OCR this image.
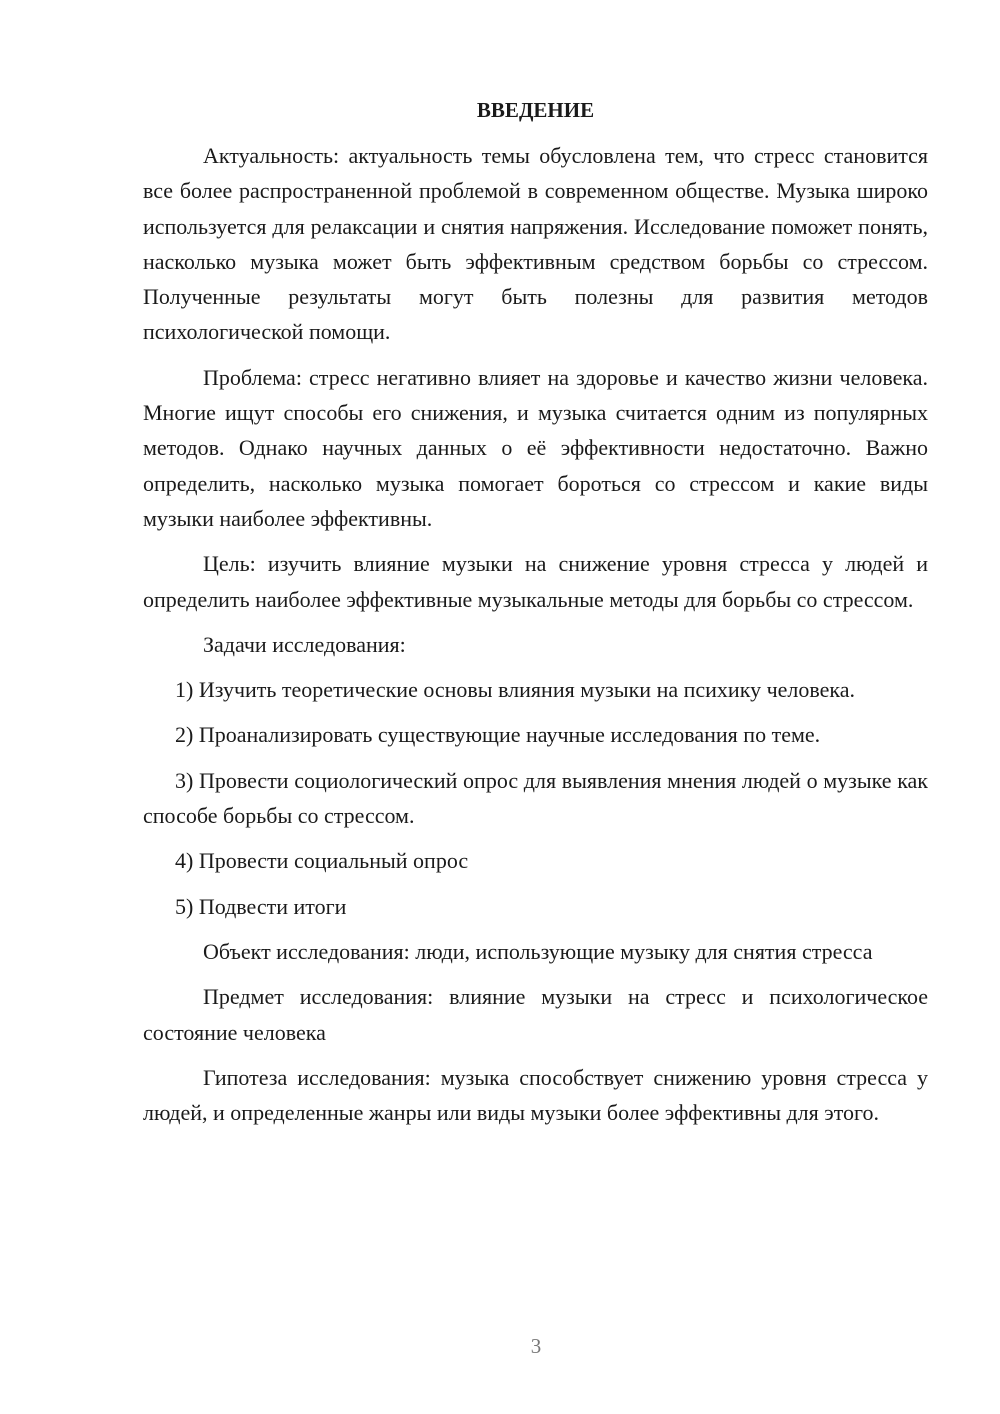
ВВЕДЕНИЕ

Актуальность: актуальность темы обусловлена тем, что стресс становится все более распространенной проблемой в современном обществе. Музыка широко используется для релаксации и снятия напряжения. Исследование поможет понять, насколько музыка может быть эффективным средством борьбы со стрессом. Полученные результаты могут быть полезны для развития методов психологической помощи.

Проблема: стресс негативно влияет на здоровье и качество жизни человека. Многие ищут способы его снижения, и музыка считается одним из популярных методов. Однако научных данных о её эффективности недостаточно. Важно определить, насколько музыка помогает бороться со стрессом и какие виды музыки наиболее эффективны.

Цель: изучить влияние музыки на снижение уровня стресса у людей и определить наиболее эффективные музыкальные методы для борьбы со стрессом.

Задачи исследования:

1) Изучить теоретические основы влияния музыки на психику человека.

2) Проанализировать существующие научные исследования по теме.

3) Провести социологический опрос для выявления мнения людей о музыке как способе борьбы со стрессом.

4) Провести социальный опрос

5) Подвести итоги

Объект исследования: люди, использующие музыку для снятия стресса

Предмет исследования: влияние музыки на стресс и психологическое состояние человека

Гипотеза исследования: музыка способствует снижению уровня стресса у людей, и определенные жанры или виды музыки более эффективны для этого.

3
